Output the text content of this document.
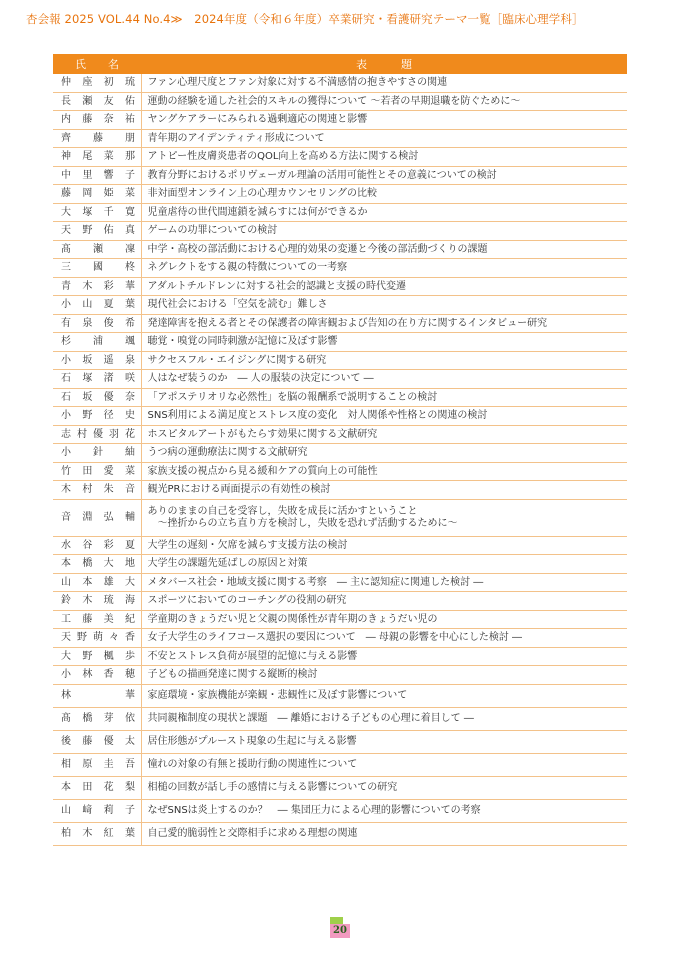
杏会報 2025 VOL.44 No.4≫　2024年度（令和６年度）卒業研究・看護研究テーマ一覧［臨床心理学科］
氏名	表題

仲座初琉	ファン心理尺度とファン対象に対する不満感情の抱きやすさの関連

長瀬友佑	運動の経験を通した社会的スキルの獲得について ～若者の早期退職を防ぐために～

内藤奈祐	ヤングケアラーにみられる過剰適応の関連と影響

齊藤朋	青年期のアイデンティティ形成について

神尾菜那	アトピー性皮膚炎患者のQOL向上を高める方法に関する検討

中里響子	教育分野におけるポリヴェーガル理論の活用可能性とその意義についての検討

藤岡姫菜	非対面型オンライン上の心理カウンセリングの比較

大塚千寛	児童虐待の世代間連鎖を減らすには何ができるか

天野佑真	ゲームの功罪についての検討

髙瀬凜	中学・高校の部活動における心理的効果の変遷と今後の部活動づくりの課題

三國柊	ネグレクトをする親の特徴についての一考察

青木彩華	アダルトチルドレンに対する社会的認識と支援の時代変遷

小山夏葉	現代社会における「空気を読む」難しさ

有泉俊希	発達障害を抱える者とその保護者の障害観および告知の在り方に関するインタビュー研究

杉浦颯	聴覚・嗅覚の同時刺激が記憶に及ぼす影響

小坂遥泉	サクセスフル・エイジングに関する研究

石塚渚咲	人はなぜ装うのか　― 人の服装の決定について ―

石坂優奈	「アポステリオリな必然性」を脳の報酬系で説明することの検討

小野径史	SNS利用による満足度とストレス度の変化　対人関係や性格との関連の検討

志村優羽花	ホスピタルアートがもたらす効果に関する文献研究

小針紬	うつ病の運動療法に関する文献研究

竹田愛菜	家族支援の視点から見る緩和ケアの質向上の可能性

木村朱音	観光PRにおける両面提示の有効性の検討

音淵弘輔	ありのままの自己を受容し，失敗を成長に活かすということ
　～挫折からの立ち直り方を検討し，失敗を恐れず活動するために～

水谷彩夏	大学生の遅刻・欠席を減らす支援方法の検討

本橋大地	大学生の課題先延ばしの原因と対策

山本雄大	メタバース社会・地域支援に関する考察　― 主に認知症に関連した検討 ―

鈴木琉海	スポーツにおいてのコーチングの役割の研究

工藤美紀	学童期のきょうだい児と父親の関係性が青年期のきょうだい児の

天野萌々香	女子大学生のライフコース選択の要因について　― 母親の影響を中心にした検討 ―

大野楓歩	不安とストレス負荷が展望的記憶に与える影響

小林香穂	子どもの描画発達に関する縦断的検討

林華	家庭環境・家族機能が楽観・悲観性に及ぼす影響について

髙橋芽依	共同親権制度の現状と課題　― 離婚における子どもの心理に着目して ―

後藤優太	居住形態がプルースト現象の生起に与える影響

相原圭吾	憧れの対象の有無と援助行動の関連性について

本田花梨	相槌の回数が話し手の感情に与える影響についての研究

山﨑莉子	なぜSNSは炎上するのか？　― 集団圧力による心理的影響についての考察

柏木紅葉	自己愛的脆弱性と交際相手に求める理想の関連
20
